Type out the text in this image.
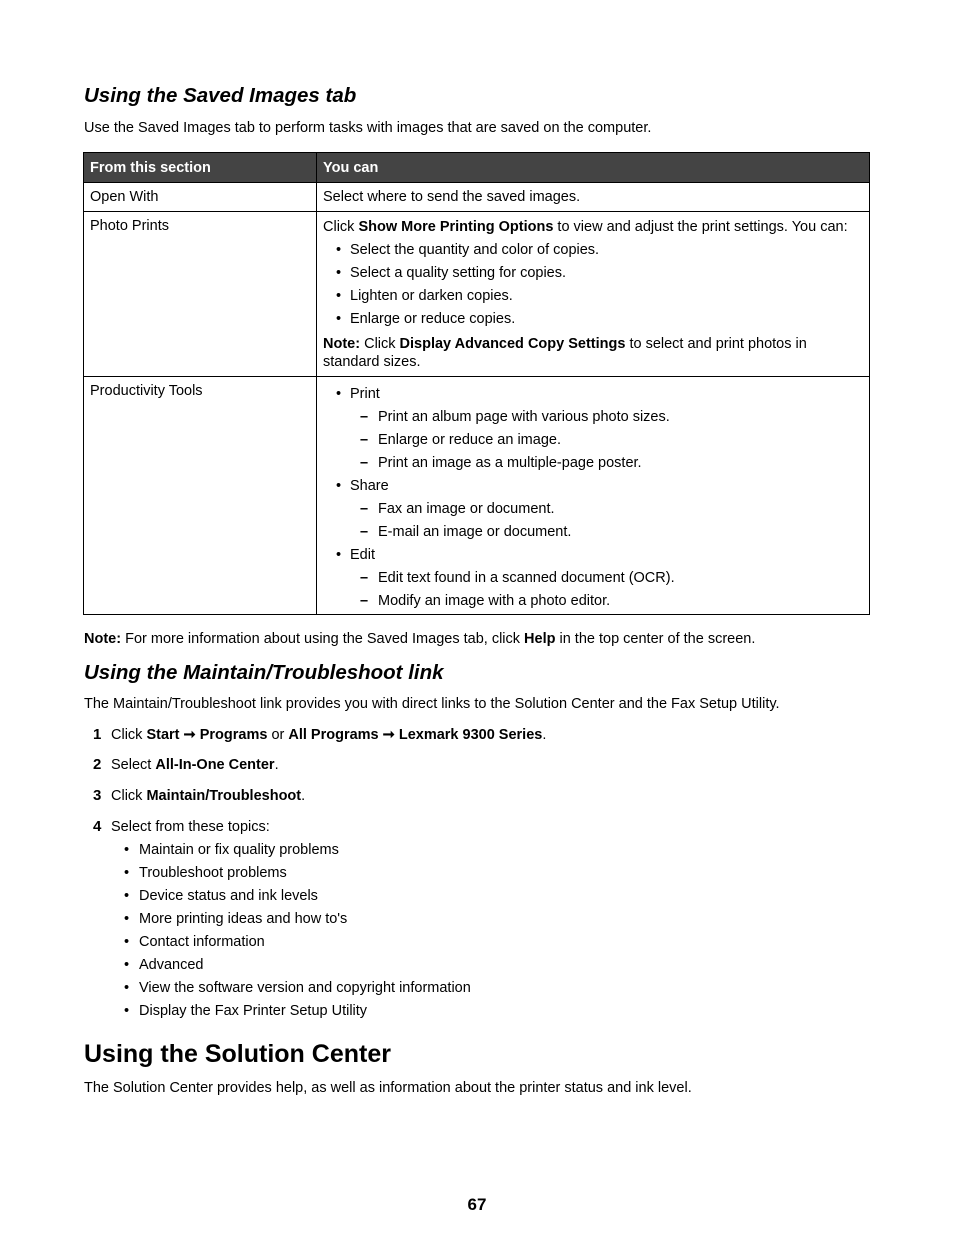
Using the Saved Images tab
Use the Saved Images tab to perform tasks with images that are saved on the computer.
From this section	You can
Open With	Select where to send the saved images.
Photo Prints	Click Show More Printing Options to view and adjust the print settings. You can:
• Select the quantity and color of copies.
• Select a quality setting for copies.
• Lighten or darken copies.
• Enlarge or reduce copies.
Note: Click Display Advanced Copy Settings to select and print photos in standard sizes.
Productivity Tools
•	Print
– Print an album page with various photo sizes.
– Enlarge or reduce an image.
– Print an image as a multiple-page poster.
• Share
– Fax an image or document.
– E-mail an image or document.
• Edit
– Edit text found in a scanned document (OCR).
– Modify an image with a photo editor.
Note: For more information about using the Saved Images tab, click Help in the top center of the screen.
Using the Maintain/Troubleshoot link
The Maintain/Troubleshoot link provides you with direct links to the Solution Center and the Fax Setup Utility.
1 Click Start ➞ Programs or All Programs ➞ Lexmark 9300 Series.
2 Select All-In-One Center.
3 Click Maintain/Troubleshoot.
4 Select from these topics:
• Maintain or fix quality problems
• Troubleshoot problems
• Device status and ink levels
• More printing ideas and how to's
• Contact information
• Advanced
• View the software version and copyright information
• Display the Fax Printer Setup Utility
Using the Solution Center
The Solution Center provides help, as well as information about the printer status and ink level.
67
